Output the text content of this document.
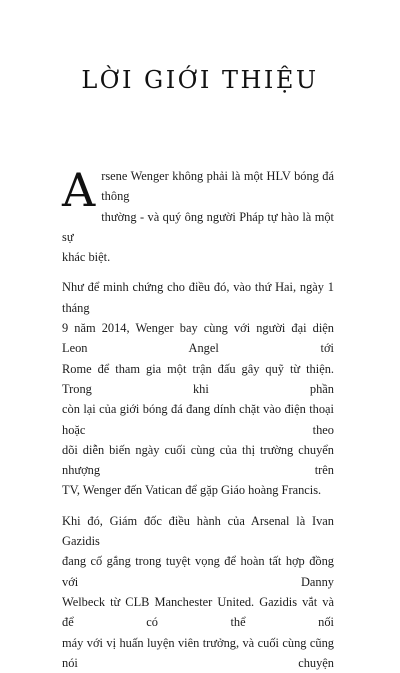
LỜI GIỚI THIỆU
A rsene Wenger không phải là một HLV bóng đá thông
thường - và quý ông người Pháp tự hào là một sự
khác biệt.
Như để minh chứng cho điều đó, vào thứ Hai, ngày 1 tháng
9 năm 2014, Wenger bay cùng với người đại diện Leon Angel tới
Rome để tham gia một trận đấu gây quỹ từ thiện. Trong khi phần
còn lại của giới bóng đá đang dính chặt vào điện thoại hoặc theo
dõi diễn biến ngày cuối cùng của thị trường chuyển nhượng trên
TV, Wenger đến Vatican để gặp Giáo hoàng Francis.
Khi đó, Giám đốc điều hành của Arsenal là Ivan Gazidis
đang cố gắng trong tuyệt vọng để hoàn tất hợp đồng với Danny
Welbeck từ CLB Manchester United. Gazidis vắt và để có thể nối
máy với vị huấn luyện viên trưởng, và cuối cùng cũng nói chuyện
